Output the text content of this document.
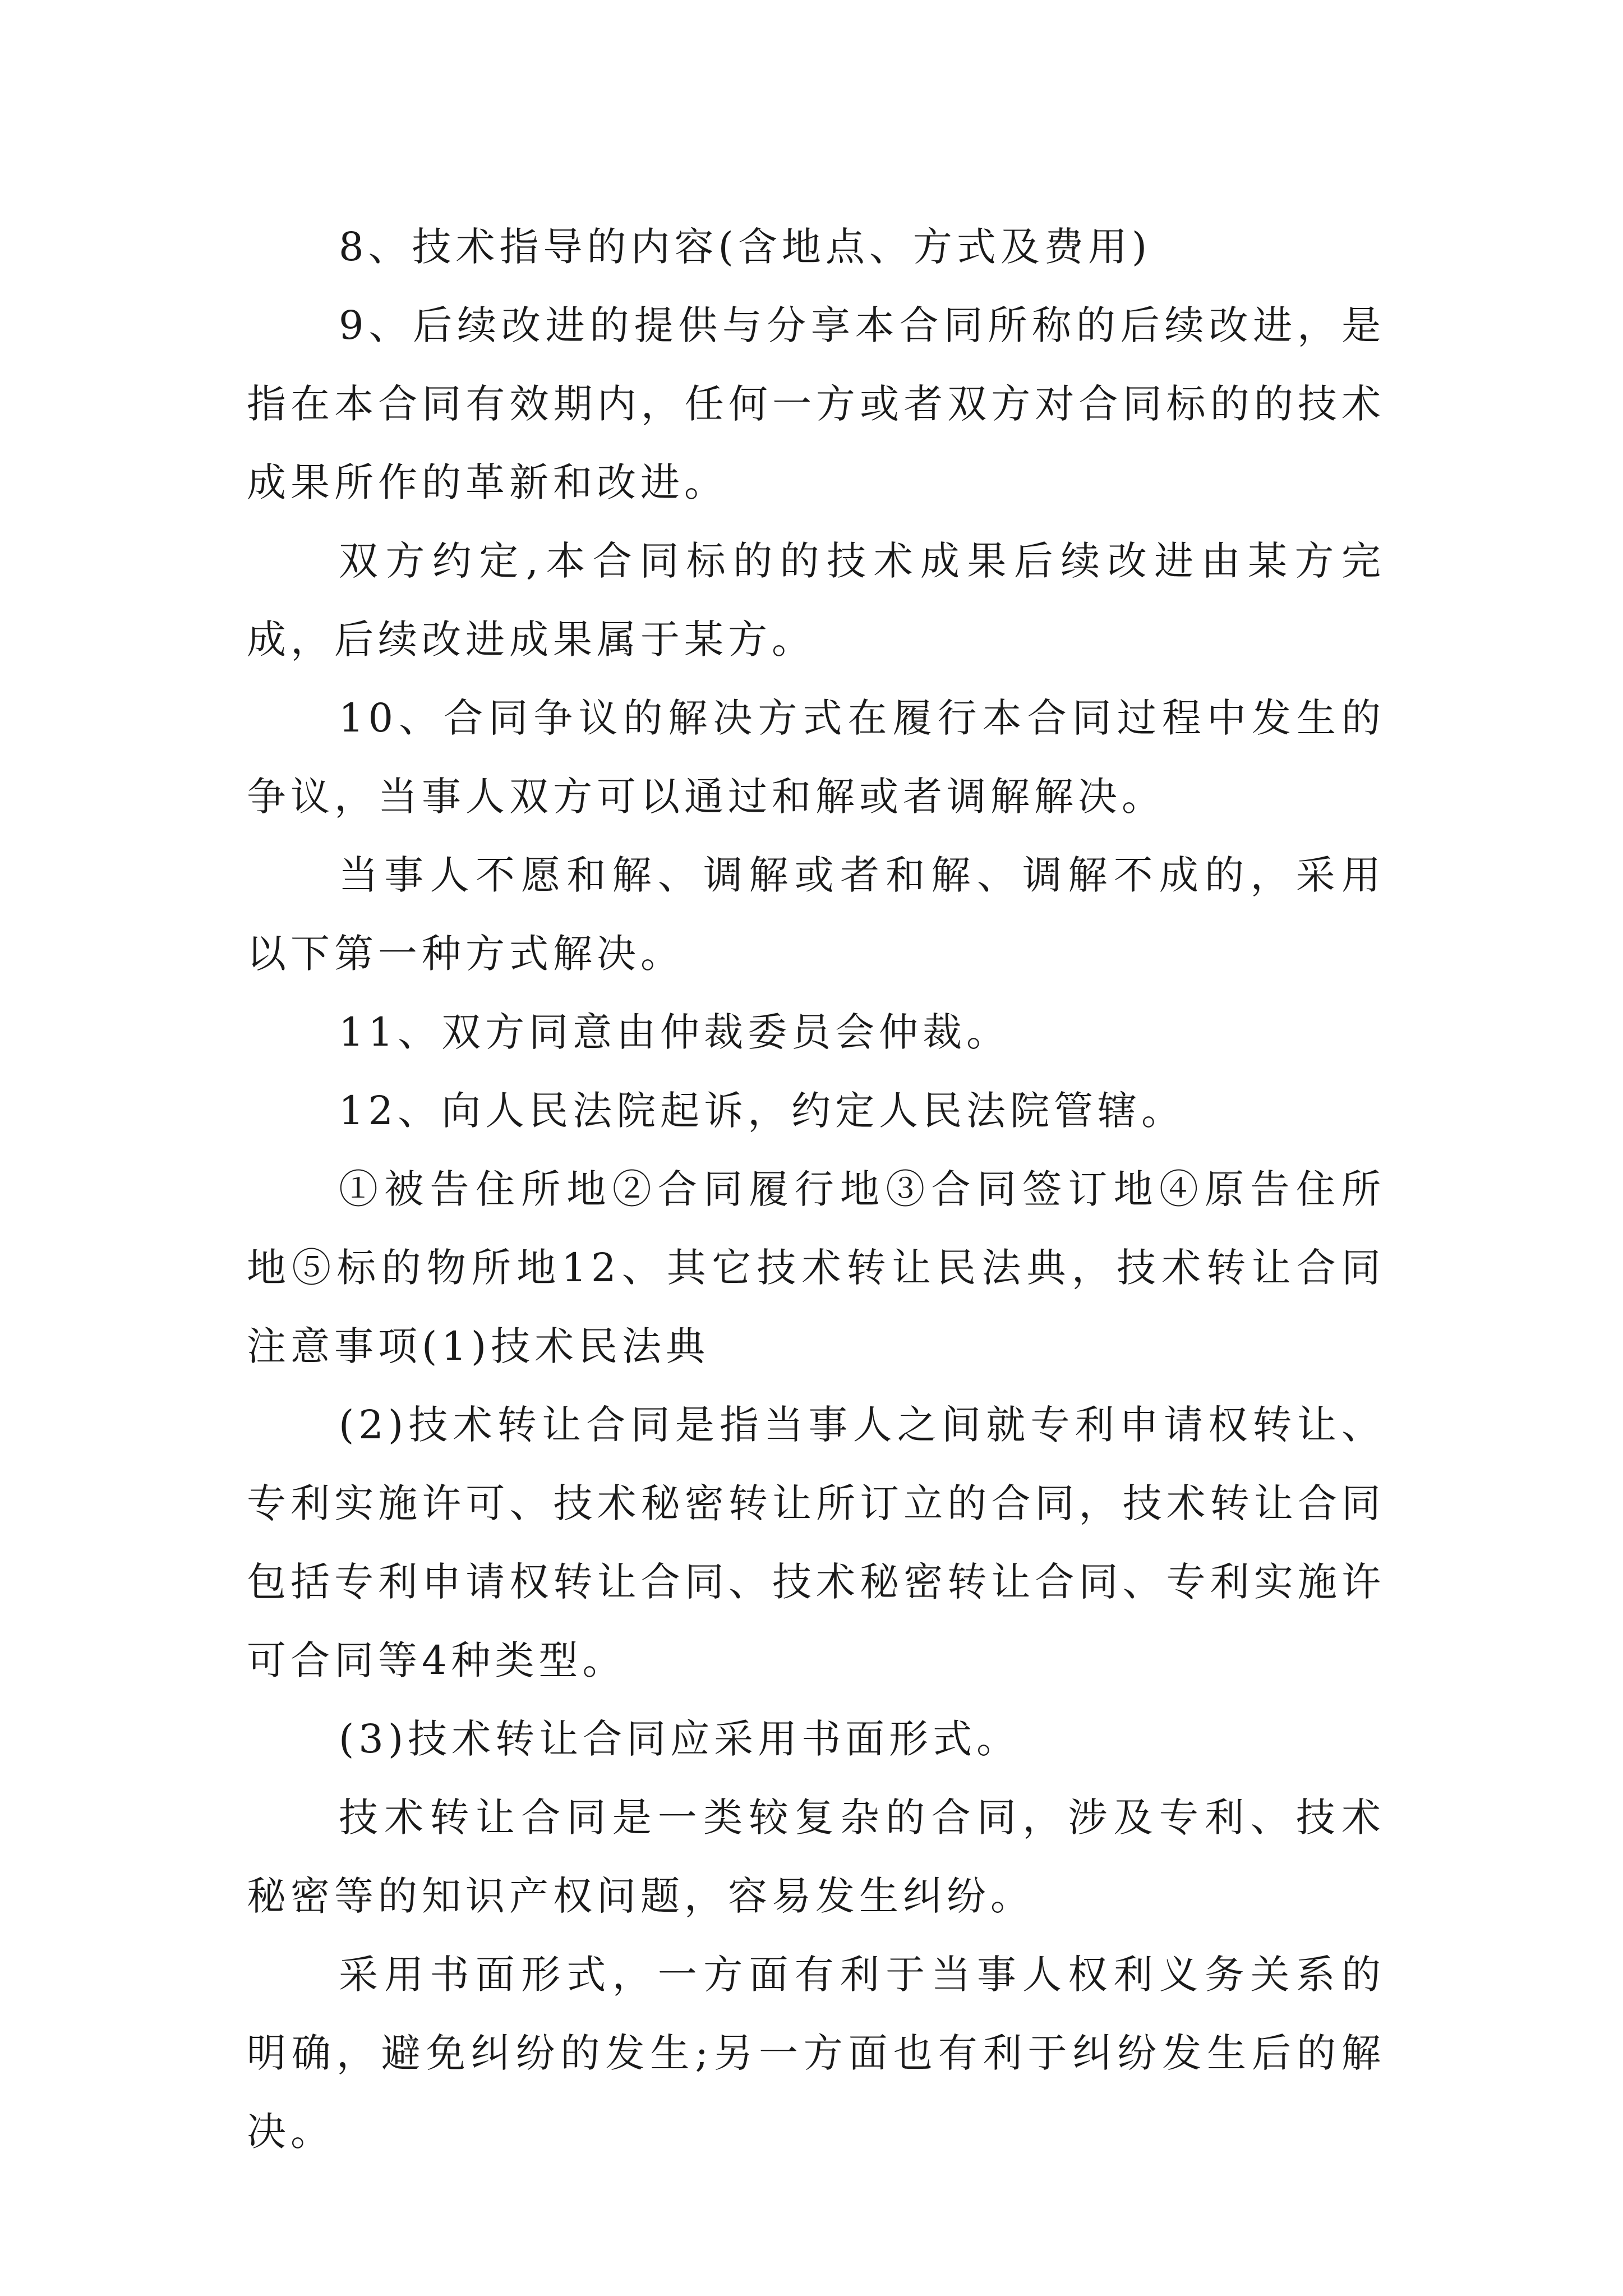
8、技术指导的内容(含地点、方式及费用)

9、后续改进的提供与分享本合同所称的后续改进，是指在本合同有效期内，任何一方或者双方对合同标的的技术成果所作的革新和改进。

双方约定,本合同标的的技术成果后续改进由某方完成，后续改进成果属于某方。

10、合同争议的解决方式在履行本合同过程中发生的争议，当事人双方可以通过和解或者调解解决。

当事人不愿和解、调解或者和解、调解不成的，采用以下第一种方式解决。

11、双方同意由仲裁委员会仲裁。

12、向人民法院起诉，约定人民法院管辖。

①被告住所地②合同履行地③合同签订地④原告住所地⑤标的物所地12、其它技术转让民法典，技术转让合同注意事项(1)技术民法典

(2)技术转让合同是指当事人之间就专利申请权转让、专利实施许可、技术秘密转让所订立的合同，技术转让合同包括专利申请权转让合同、技术秘密转让合同、专利实施许可合同等4种类型。

(3)技术转让合同应采用书面形式。

技术转让合同是一类较复杂的合同，涉及专利、技术秘密等的知识产权问题，容易发生纠纷。

采用书面形式，一方面有利于当事人权利义务关系的明确，避免纠纷的发生;另一方面也有利于纠纷发生后的解决。
